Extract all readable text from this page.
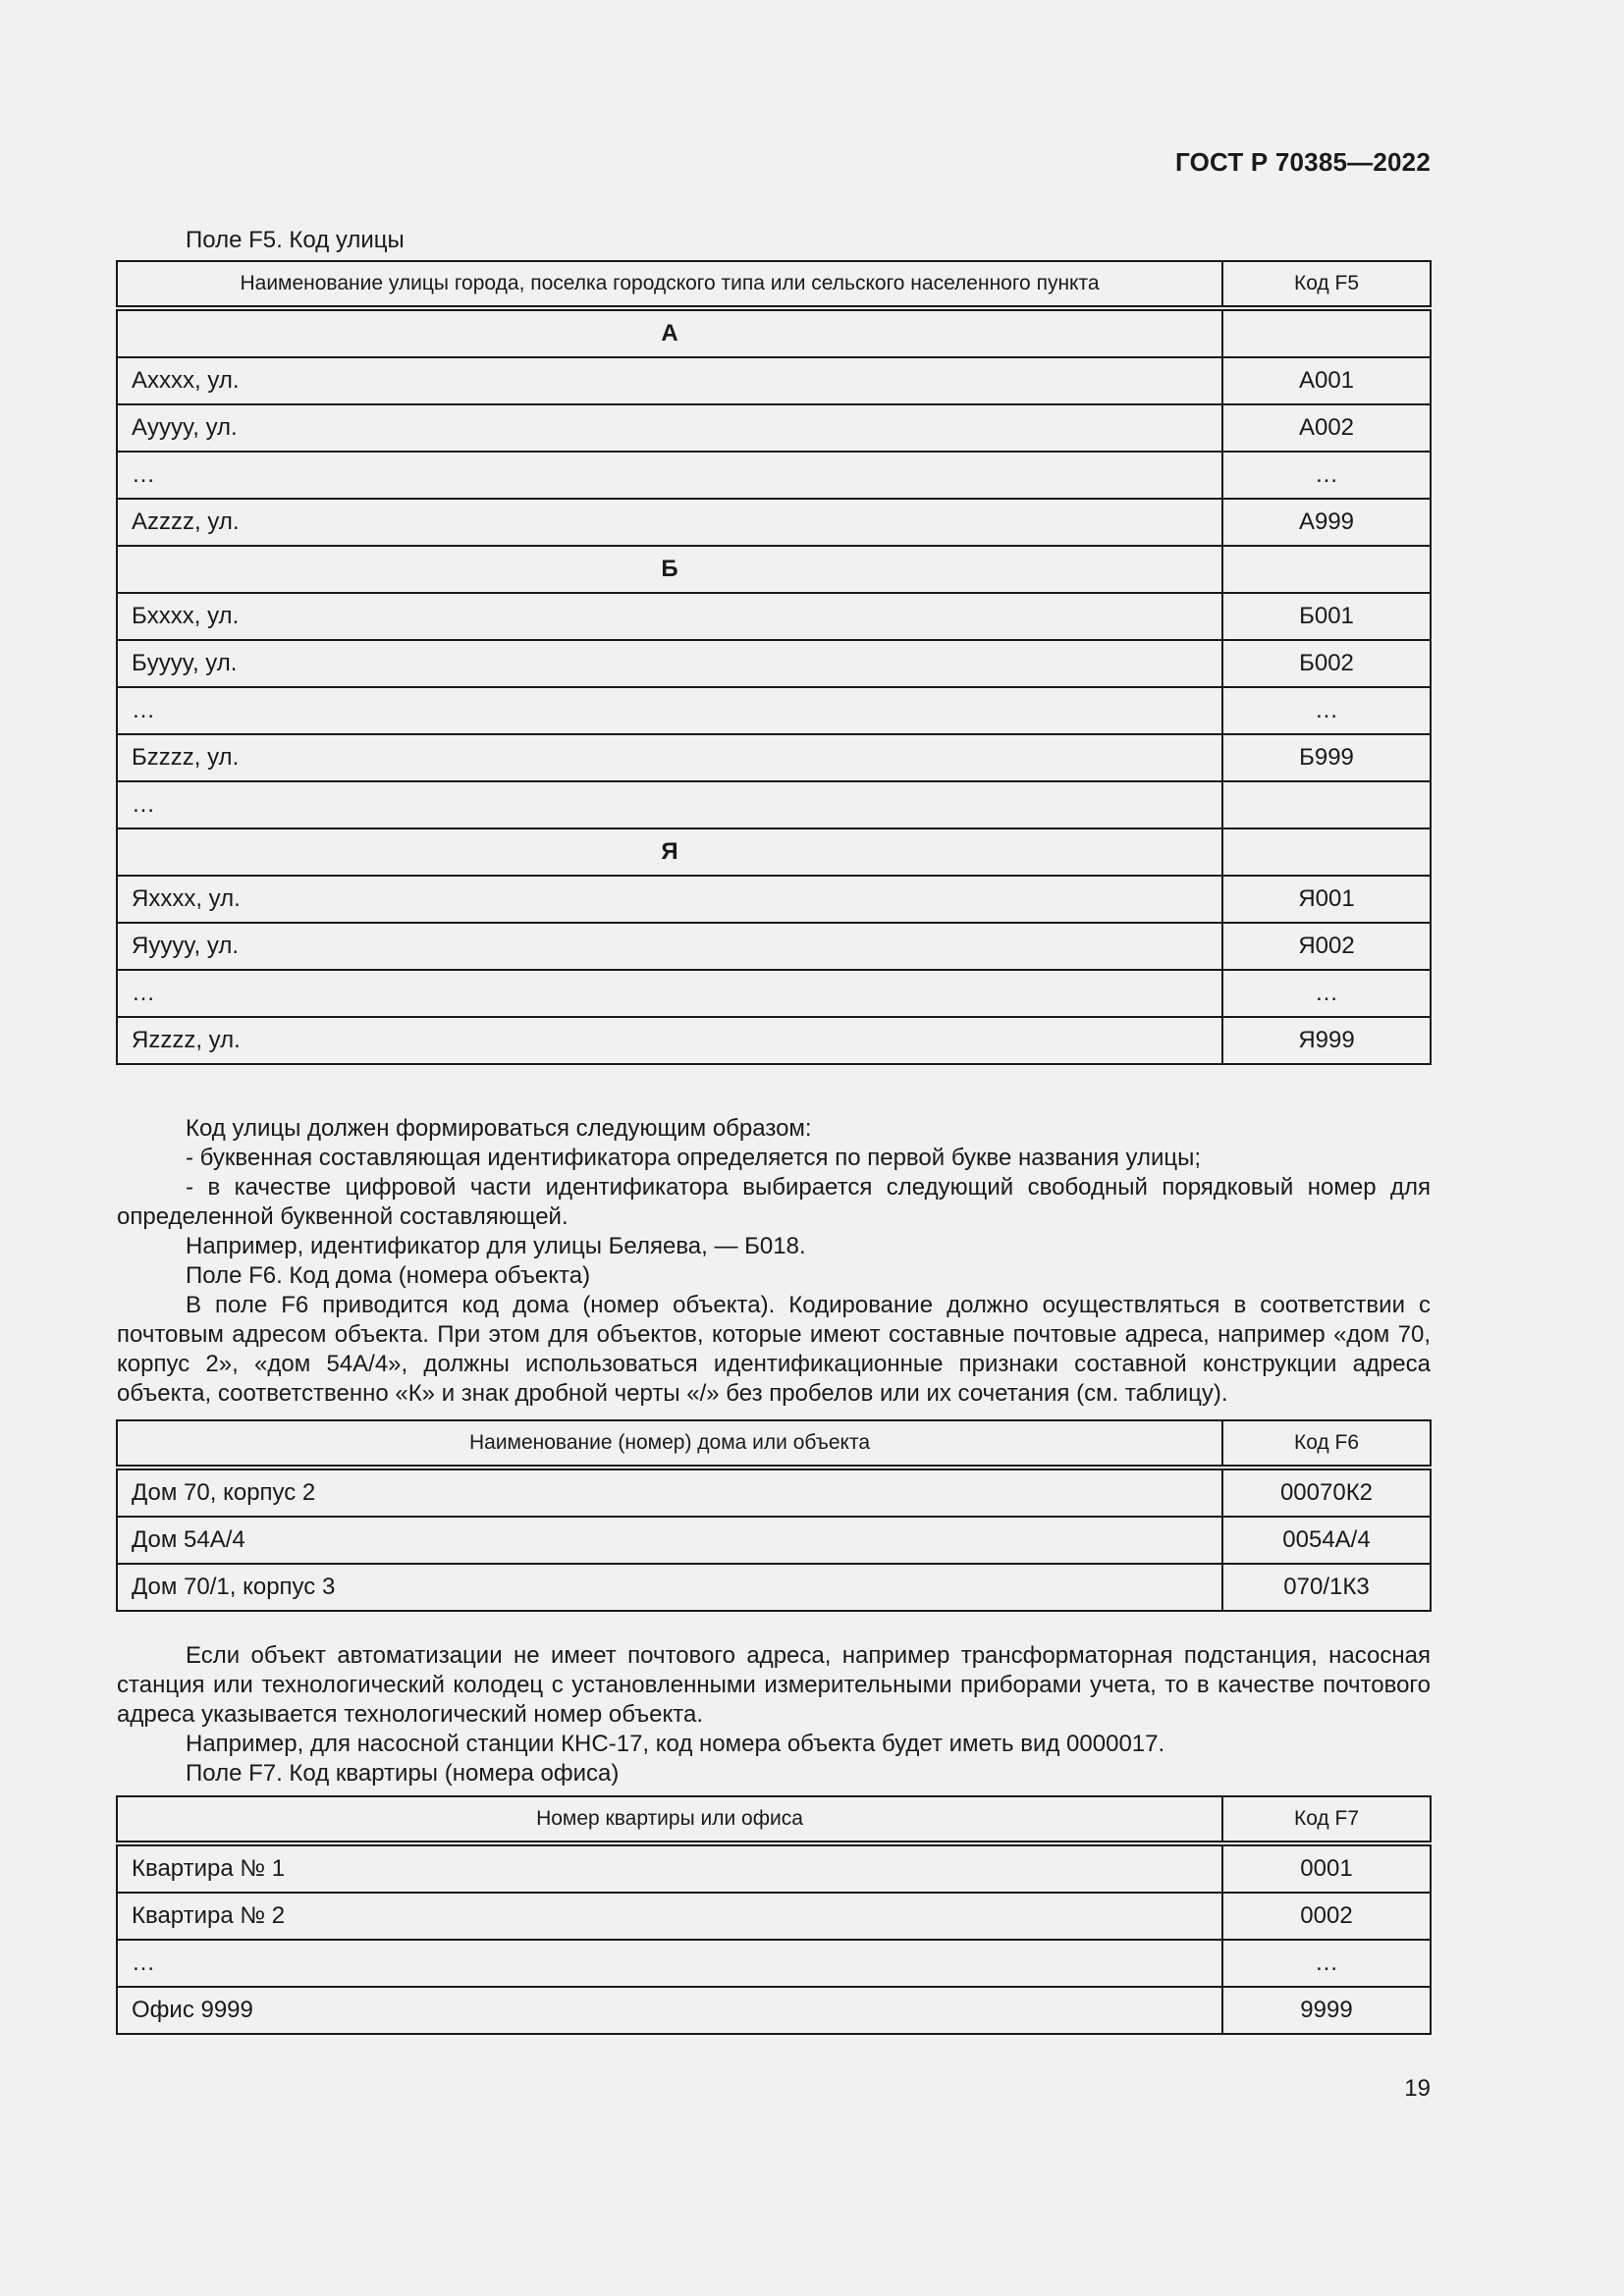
ГОСТ Р 70385—2022
Поле F5. Код улицы
Наименование улицы города, поселка городского типа или сельского населенного пункта	Код F5
А	
Аxxxx, ул.	А001
Аyyyy, ул.	А002
…	…
Аzzzz, ул.	А999
Б	
Бxxxx, ул.	Б001
Бyyyy, ул.	Б002
…	…
Бzzzz, ул.	Б999
…	
Я	
Яxxxx, ул.	Я001
Яyyyy, ул.	Я002
…	…
Яzzzz, ул.	Я999
Код улицы должен формироваться следующим образом:
- буквенная составляющая идентификатора определяется по первой букве названия улицы;
- в качестве цифровой части идентификатора выбирается следующий свободный порядковый номер для определенной буквенной составляющей.
Например, идентификатор для улицы Беляева, — Б018.
Поле F6. Код дома (номера объекта)
В поле F6 приводится код дома (номер объекта). Кодирование должно осуществляться в соответствии с почтовым адресом объекта. При этом для объектов, которые имеют составные почтовые адреса, например «дом 70, корпус 2», «дом 54А/4», должны использоваться идентификационные признаки составной конструкции адреса объекта, соответственно «К» и знак дробной черты «/» без пробелов или их сочетания (см. таблицу).
Наименование (номер) дома или объекта	Код F6
Дом 70, корпус 2	00070К2
Дом 54А/4	0054А/4
Дом 70/1, корпус 3	070/1К3
Если объект автоматизации не имеет почтового адреса, например трансформаторная подстанция, насосная станция или технологический колодец с установленными измерительными приборами учета, то в качестве почтового адреса указывается технологический номер объекта.
Например, для насосной станции КНС-17, код номера объекта будет иметь вид 0000017.
Поле F7. Код квартиры (номера офиса)
Номер квартиры или офиса	Код F7
Квартира № 1	0001
Квартира № 2	0002
…	…
Офис 9999	9999
19
